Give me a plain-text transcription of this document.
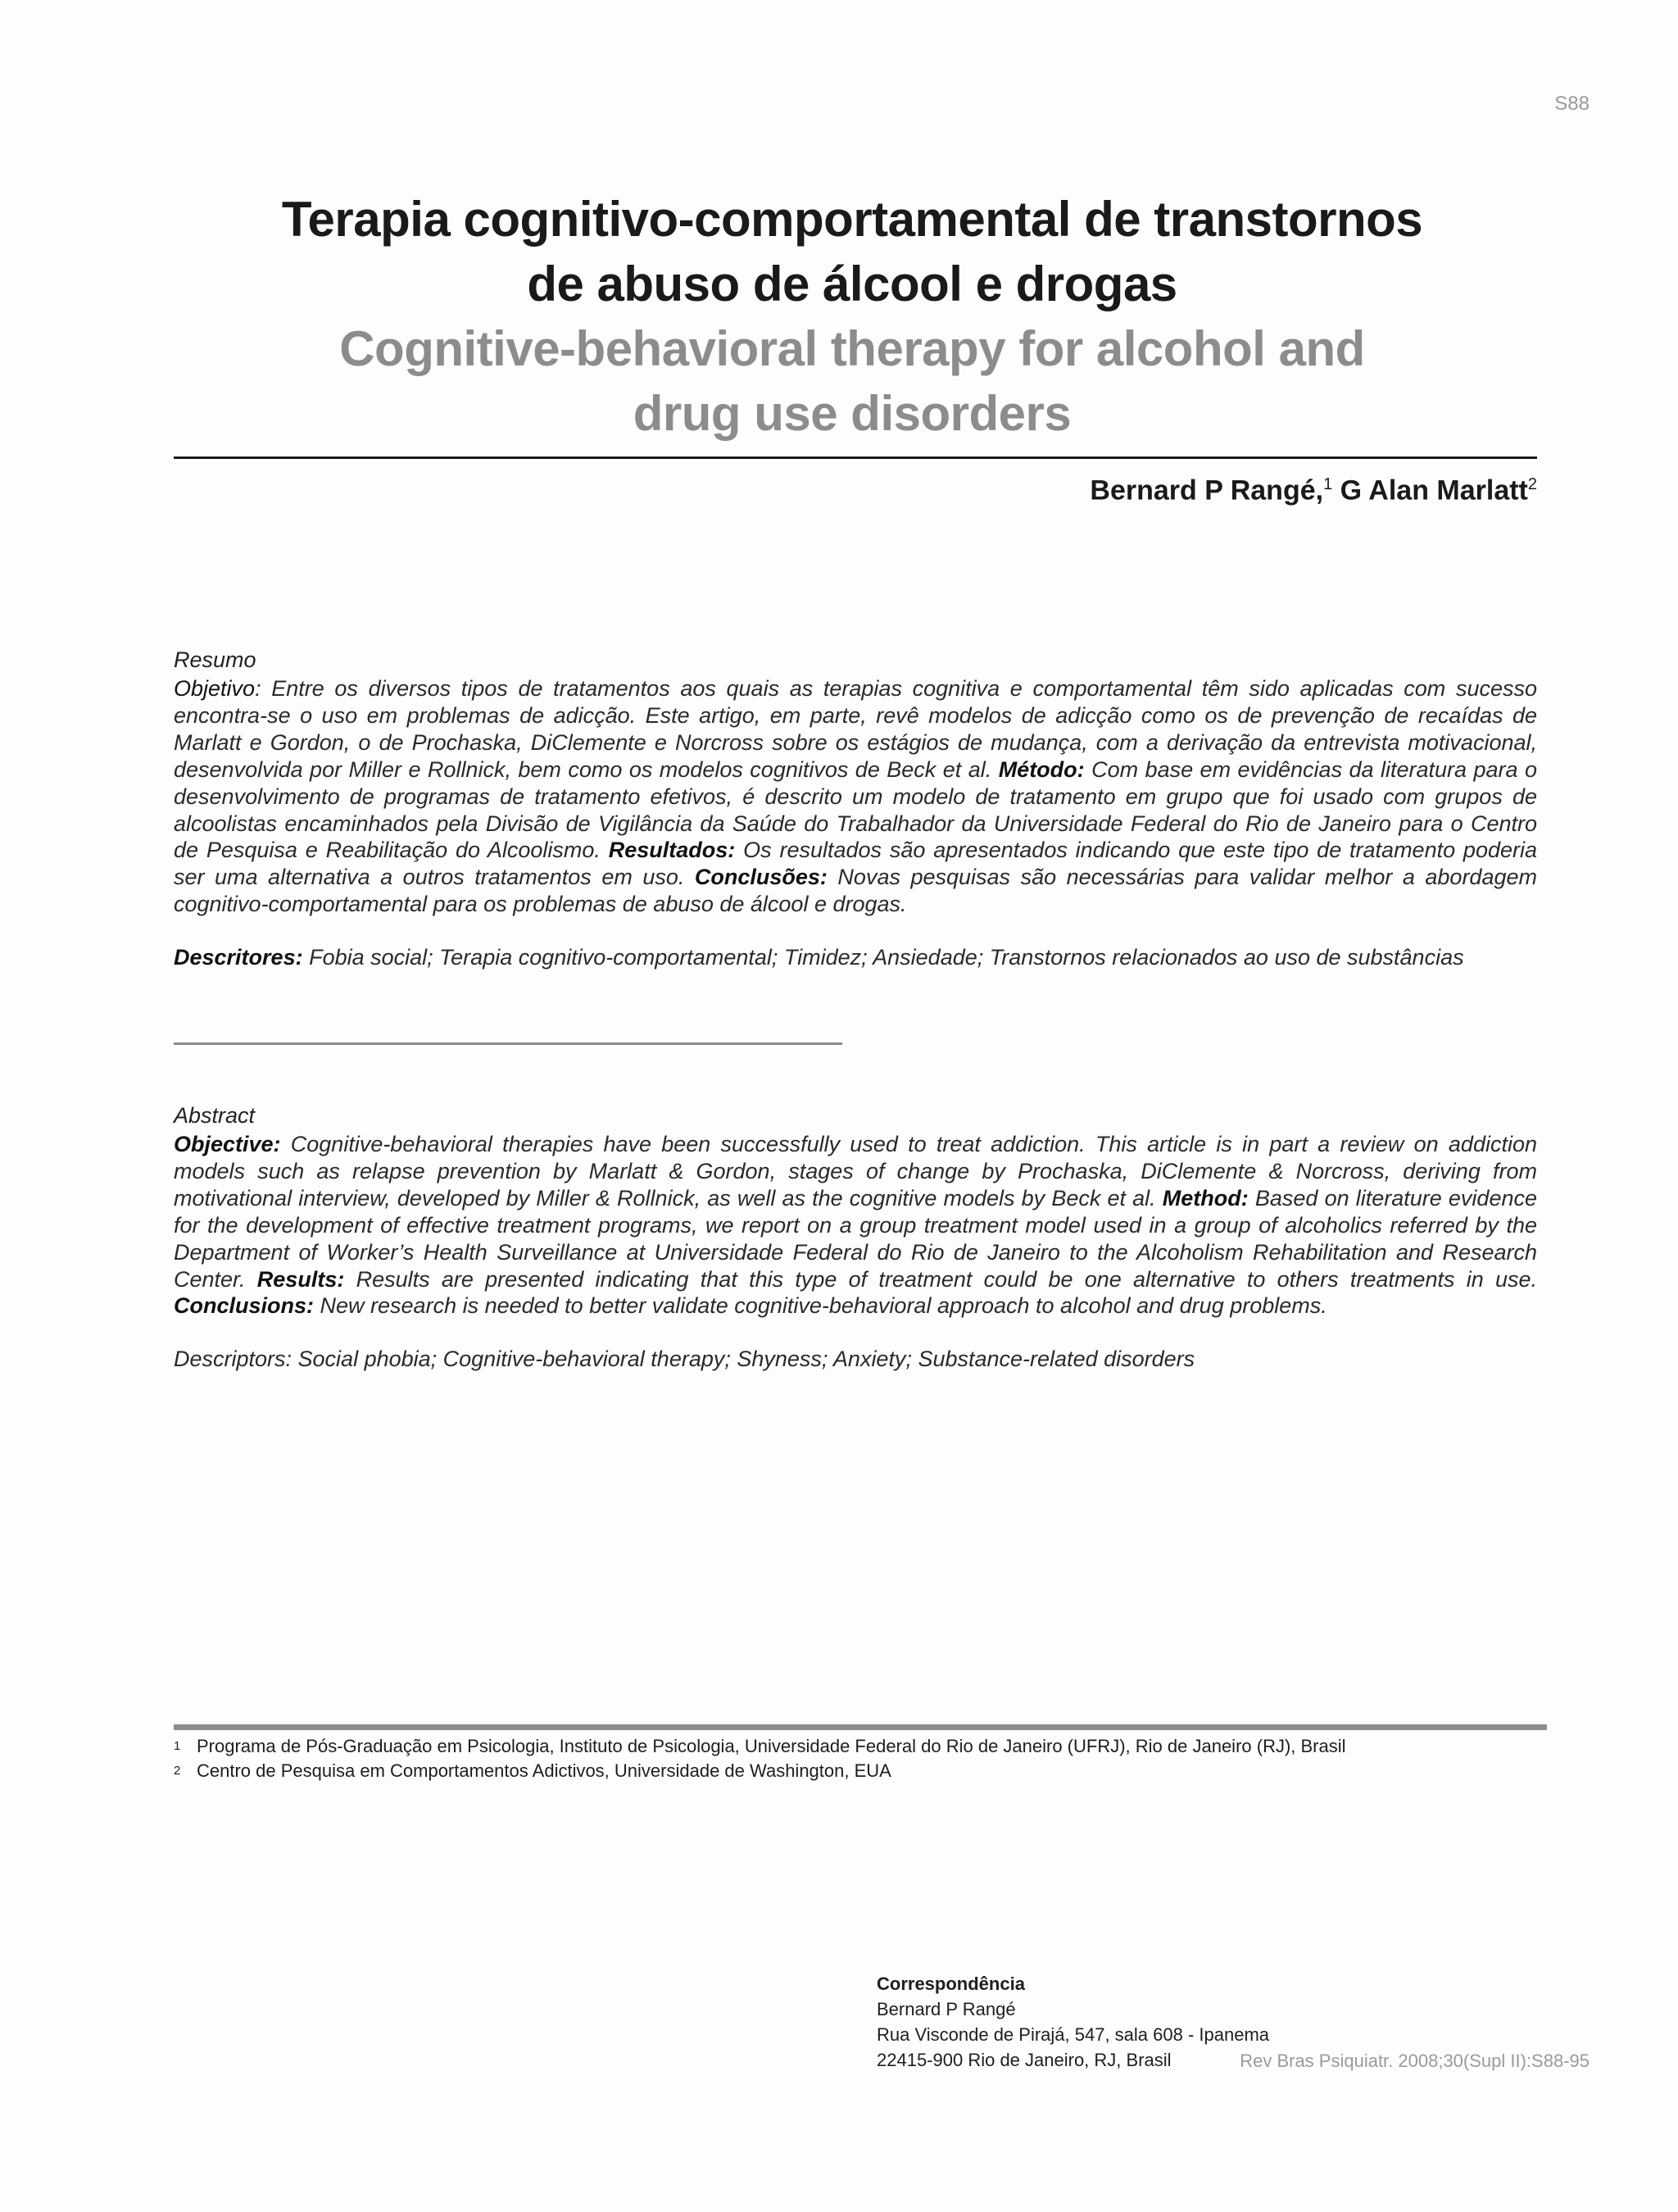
S88
Terapia cognitivo-comportamental de transtornos
de abuso de álcool e drogas
Cognitive-behavioral therapy for alcohol and
drug use disorders
Bernard P Rangé,$^1$ G Alan Marlatt$^2$
Resumo
Objetivo: Entre os diversos tipos de tratamentos aos quais as terapias cognitiva e comportamental têm sido aplicadas com sucesso encontra-se o uso em problemas de adicção. Este artigo, em parte, revê modelos de adicção como os de prevenção de recaídas de Marlatt e Gordon, o de Prochaska, DiClemente e Norcross sobre os estágios de mudança, com a derivação da entrevista motivacional, desenvolvida por Miller e Rollnick, bem como os modelos cognitivos de Beck et al. Método: Com base em evidências da literatura para o desenvolvimento de programas de tratamento efetivos, é descrito um modelo de tratamento em grupo que foi usado com grupos de alcoolistas encaminhados pela Divisão de Vigilância da Saúde do Trabalhador da Universidade Federal do Rio de Janeiro para o Centro de Pesquisa e Reabilitação do Alcoolismo. Resultados: Os resultados são apresentados indicando que este tipo de tratamento poderia ser uma alternativa a outros tratamentos em uso. Conclusões: Novas pesquisas são necessárias para validar melhor a abordagem cognitivo-comportamental para os problemas de abuso de álcool e drogas.
Descritores: Fobia social; Terapia cognitivo-comportamental; Timidez; Ansiedade; Transtornos relacionados ao uso de substâncias
Abstract
Objective: Cognitive-behavioral therapies have been successfully used to treat addiction. This article is in part a review on addiction models such as relapse prevention by Marlatt & Gordon, stages of change by Prochaska, DiClemente & Norcross, deriving from motivational interview, developed by Miller & Rollnick, as well as the cognitive models by Beck et al. Method: Based on literature evidence for the development of effective treatment programs, we report on a group treatment model used in a group of alcoholics referred by the Department of Worker’s Health Surveillance at Universidade Federal do Rio de Janeiro to the Alcoholism Rehabilitation and Research Center. Results: Results are presented indicating that this type of treatment could be one alternative to others treatments in use. Conclusions: New research is needed to better validate cognitive-behavioral approach to alcohol and drug problems.
Descriptors: Social phobia; Cognitive-behavioral therapy; Shyness; Anxiety; Substance-related disorders
$^1$ Programa de Pós-Graduação em Psicologia, Instituto de Psicologia, Universidade Federal do Rio de Janeiro (UFRJ), Rio de Janeiro (RJ), Brasil
$^2$ Centro de Pesquisa em Comportamentos Adictivos, Universidade de Washington, EUA
Correspondência
Bernard P Rangé
Rua Visconde de Pirajá, 547, sala 608 - Ipanema
22415-900 Rio de Janeiro, RJ, Brasil	Rev Bras Psiquiatr. 2008;30(Supl II):S88-95
